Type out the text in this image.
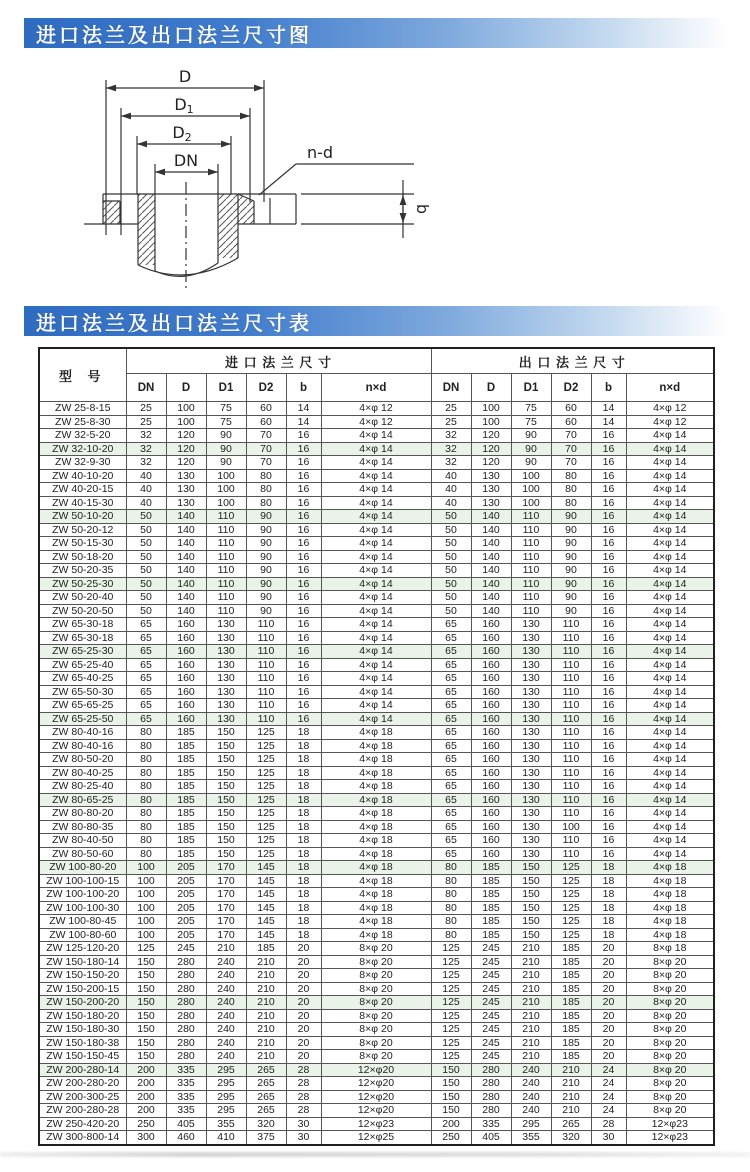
进口法兰及出口法兰尺寸图
D
D1
D2
DN	n-d
b
进口法兰及出口法兰尺寸表
型 号	进 口 法 兰 尺 寸						出 口 法 兰 尺 寸					
	DN	D	D1	D2	b	n×d	DN	D	D1	D2	b	n×d
ZW 25-8-15	25	100	75	60	14	4×φ 12	25	100	75	60	14	4×φ 12
ZW 25-8-30	25	100	75	60	14	4×φ 12	25	100	75	60	14	4×φ 12
ZW 32-5-20	32	120	90	70	16	4×φ 14	32	120	90	70	16	4×φ 14
ZW 32-10-20	32	120	90	70	16	4×φ 14	32	120	90	70	16	4×φ 14
ZW 32-9-30	32	120	90	70	16	4×φ 14	32	120	90	70	16	4×φ 14
ZW 40-10-20	40	130	100	80	16	4×φ 14	40	130	100	80	16	4×φ 14
ZW 40-20-15	40	130	100	80	16	4×φ 14	40	130	100	80	16	4×φ 14
ZW 40-15-30	40	130	100	80	16	4×φ 14	40	130	100	80	16	4×φ 14
ZW 50-10-20	50	140	110	90	16	4×φ 14	50	140	110	90	16	4×φ 14
ZW 50-20-12	50	140	110	90	16	4×φ 14	50	140	110	90	16	4×φ 14
ZW 50-15-30	50	140	110	90	16	4×φ 14	50	140	110	90	16	4×φ 14
ZW 50-18-20	50	140	110	90	16	4×φ 14	50	140	110	90	16	4×φ 14
ZW 50-20-35	50	140	110	90	16	4×φ 14	50	140	110	90	16	4×φ 14
ZW 50-25-30	50	140	110	90	16	4×φ 14	50	140	110	90	16	4×φ 14
ZW 50-20-40	50	140	110	90	16	4×φ 14	50	140	110	90	16	4×φ 14
ZW 50-20-50	50	140	110	90	16	4×φ 14	50	140	110	90	16	4×φ 14
ZW 65-30-18	65	160	130	110	16	4×φ 14	65	160	130	110	16	4×φ 14
ZW 65-30-18	65	160	130	110	16	4×φ 14	65	160	130	110	16	4×φ 14
ZW 65-25-30	65	160	130	110	16	4×φ 14	65	160	130	110	16	4×φ 14
ZW 65-25-40	65	160	130	110	16	4×φ 14	65	160	130	110	16	4×φ 14
ZW 65-40-25	65	160	130	110	16	4×φ 14	65	160	130	110	16	4×φ 14
ZW 65-50-30	65	160	130	110	16	4×φ 14	65	160	130	110	16	4×φ 14
ZW 65-65-25	65	160	130	110	16	4×φ 14	65	160	130	110	16	4×φ 14
ZW 65-25-50	65	160	130	110	16	4×φ 14	65	160	130	110	16	4×φ 14
ZW 80-40-16	80	185	150	125	18	4×φ 18	65	160	130	110	16	4×φ 14
ZW 80-40-16	80	185	150	125	18	4×φ 18	65	160	130	110	16	4×φ 14
ZW 80-50-20	80	185	150	125	18	4×φ 18	65	160	130	110	16	4×φ 14
ZW 80-40-25	80	185	150	125	18	4×φ 18	65	160	130	110	16	4×φ 14
ZW 80-25-40	80	185	150	125	18	4×φ 18	65	160	130	110	16	4×φ 14
ZW 80-65-25	80	185	150	125	18	4×φ 18	65	160	130	110	16	4×φ 14
ZW 80-80-20	80	185	150	125	18	4×φ 18	65	160	130	110	16	4×φ 14
ZW 80-80-35	80	185	150	125	18	4×φ 18	65	160	130	100	16	4×φ 14
ZW 80-40-50	80	185	150	125	18	4×φ 18	65	160	130	110	16	4×φ 14
ZW 80-50-60	80	185	150	125	18	4×φ 18	65	160	130	110	16	4×φ 14
ZW 100-80-20	100	205	170	145	18	4×φ 18	80	185	150	125	18	4×φ 18
ZW 100-100-15	100	205	170	145	18	4×φ 18	80	185	150	125	18	4×φ 18
ZW 100-100-20	100	205	170	145	18	4×φ 18	80	185	150	125	18	4×φ 18
ZW 100-100-30	100	205	170	145	18	4×φ 18	80	185	150	125	18	4×φ 18
ZW 100-80-45	100	205	170	145	18	4×φ 18	80	185	150	125	18	4×φ 18
ZW 100-80-60	100	205	170	145	18	4×φ 18	80	185	150	125	18	4×φ 18
ZW 125-120-20	125	245	210	185	20	8×φ 20	125	245	210	185	20	8×φ 18
ZW 150-180-14	150	280	240	210	20	8×φ 20	125	245	210	185	20	8×φ 20
ZW 150-150-20	150	280	240	210	20	8×φ 20	125	245	210	185	20	8×φ 20
ZW 150-200-15	150	280	240	210	20	8×φ 20	125	245	210	185	20	8×φ 20
ZW 150-200-20	150	280	240	210	20	8×φ 20	125	245	210	185	20	8×φ 20
ZW 150-180-20	150	280	240	210	20	8×φ 20	125	245	210	185	20	8×φ 20
ZW 150-180-30	150	280	240	210	20	8×φ 20	125	245	210	185	20	8×φ 20
ZW 150-180-38	150	280	240	210	20	8×φ 20	125	245	210	185	20	8×φ 20
ZW 150-150-45	150	280	240	210	20	8×φ 20	125	245	210	185	20	8×φ 20
ZW 200-280-14	200	335	295	265	28	12×φ20	150	280	240	210	24	8×φ 20
ZW 200-280-20	200	335	295	265	28	12×φ20	150	280	240	210	24	8×φ 20
ZW 200-300-25	200	335	295	265	28	12×φ20	150	280	240	210	24	8×φ 20
ZW 200-280-28	200	335	295	265	28	12×φ20	150	280	240	210	24	8×φ 20
ZW 250-420-20	250	405	355	320	30	12×φ23	200	335	295	265	28	12×φ23
ZW 300-800-14	300	460	410	375	30	12×φ25	250	405	355	320	30	12×φ23
